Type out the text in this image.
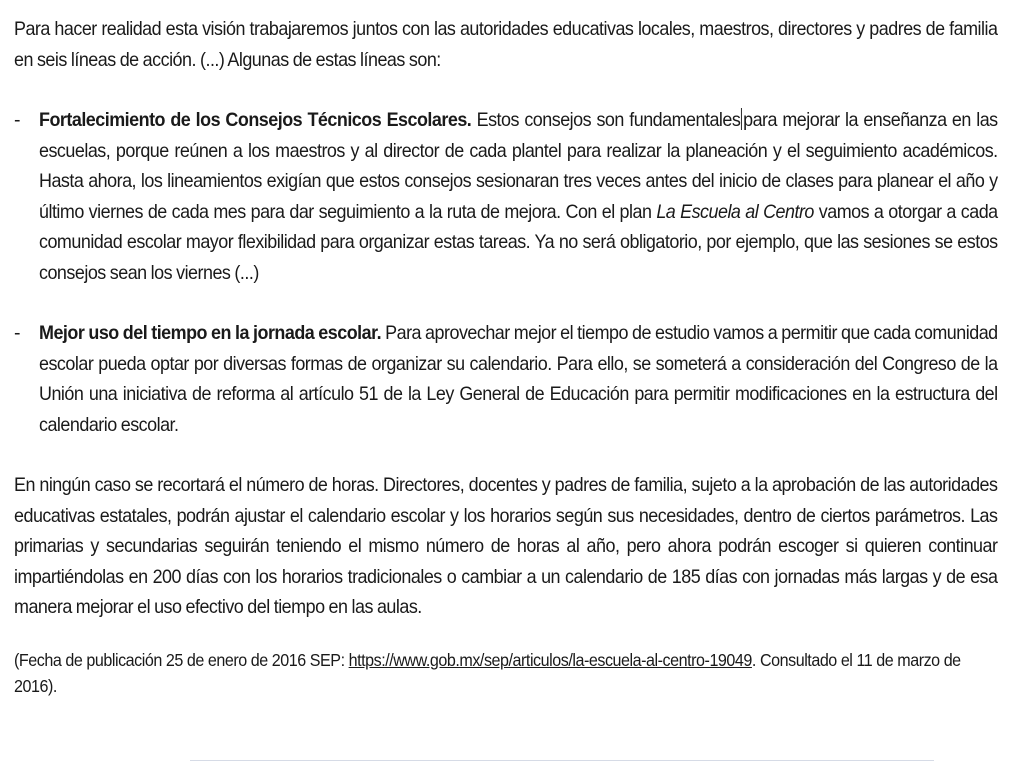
Para hacer realidad esta visión trabajaremos juntos con las autoridades educativas locales, maestros, directores y padres de familia en seis líneas de acción. (...) Algunas de estas líneas son:

- Fortalecimiento de los Consejos Técnicos Escolares. Estos consejos son fundamentales para mejorar la enseñanza en las escuelas, porque reúnen a los maestros y al director de cada plantel para realizar la planeación y el seguimiento académicos. Hasta ahora, los lineamientos exigían que estos consejos sesionaran tres veces antes del inicio de clases para planear el año y último viernes de cada mes para dar seguimiento a la ruta de mejora. Con el plan La Escuela al Centro vamos a otorgar a cada comunidad escolar mayor flexibilidad para organizar estas tareas. Ya no será obligatorio, por ejemplo, que las sesiones se estos consejos sean los viernes (...)

- Mejor uso del tiempo en la jornada escolar. Para aprovechar mejor el tiempo de estudio vamos a permitir que cada comunidad escolar pueda optar por diversas formas de organizar su calendario. Para ello, se someterá a consideración del Congreso de la Unión una iniciativa de reforma al artículo 51 de la Ley General de Educación para permitir modificaciones en la estructura del calendario escolar.

En ningún caso se recortará el número de horas. Directores, docentes y padres de familia, sujeto a la aprobación de las autoridades educativas estatales, podrán ajustar el calendario escolar y los horarios según sus necesidades, dentro de ciertos parámetros. Las primarias y secundarias seguirán teniendo el mismo número de horas al año, pero ahora podrán escoger si quieren continuar impartiéndolas en 200 días con los horarios tradicionales o cambiar a un calendario de 185 días con jornadas más largas y de esa manera mejorar el uso efectivo del tiempo en las aulas.

(Fecha de publicación 25 de enero de 2016 SEP: https://www.gob.mx/sep/articulos/la-escuela-al-centro-19049. Consultado el 11 de marzo de 2016).
